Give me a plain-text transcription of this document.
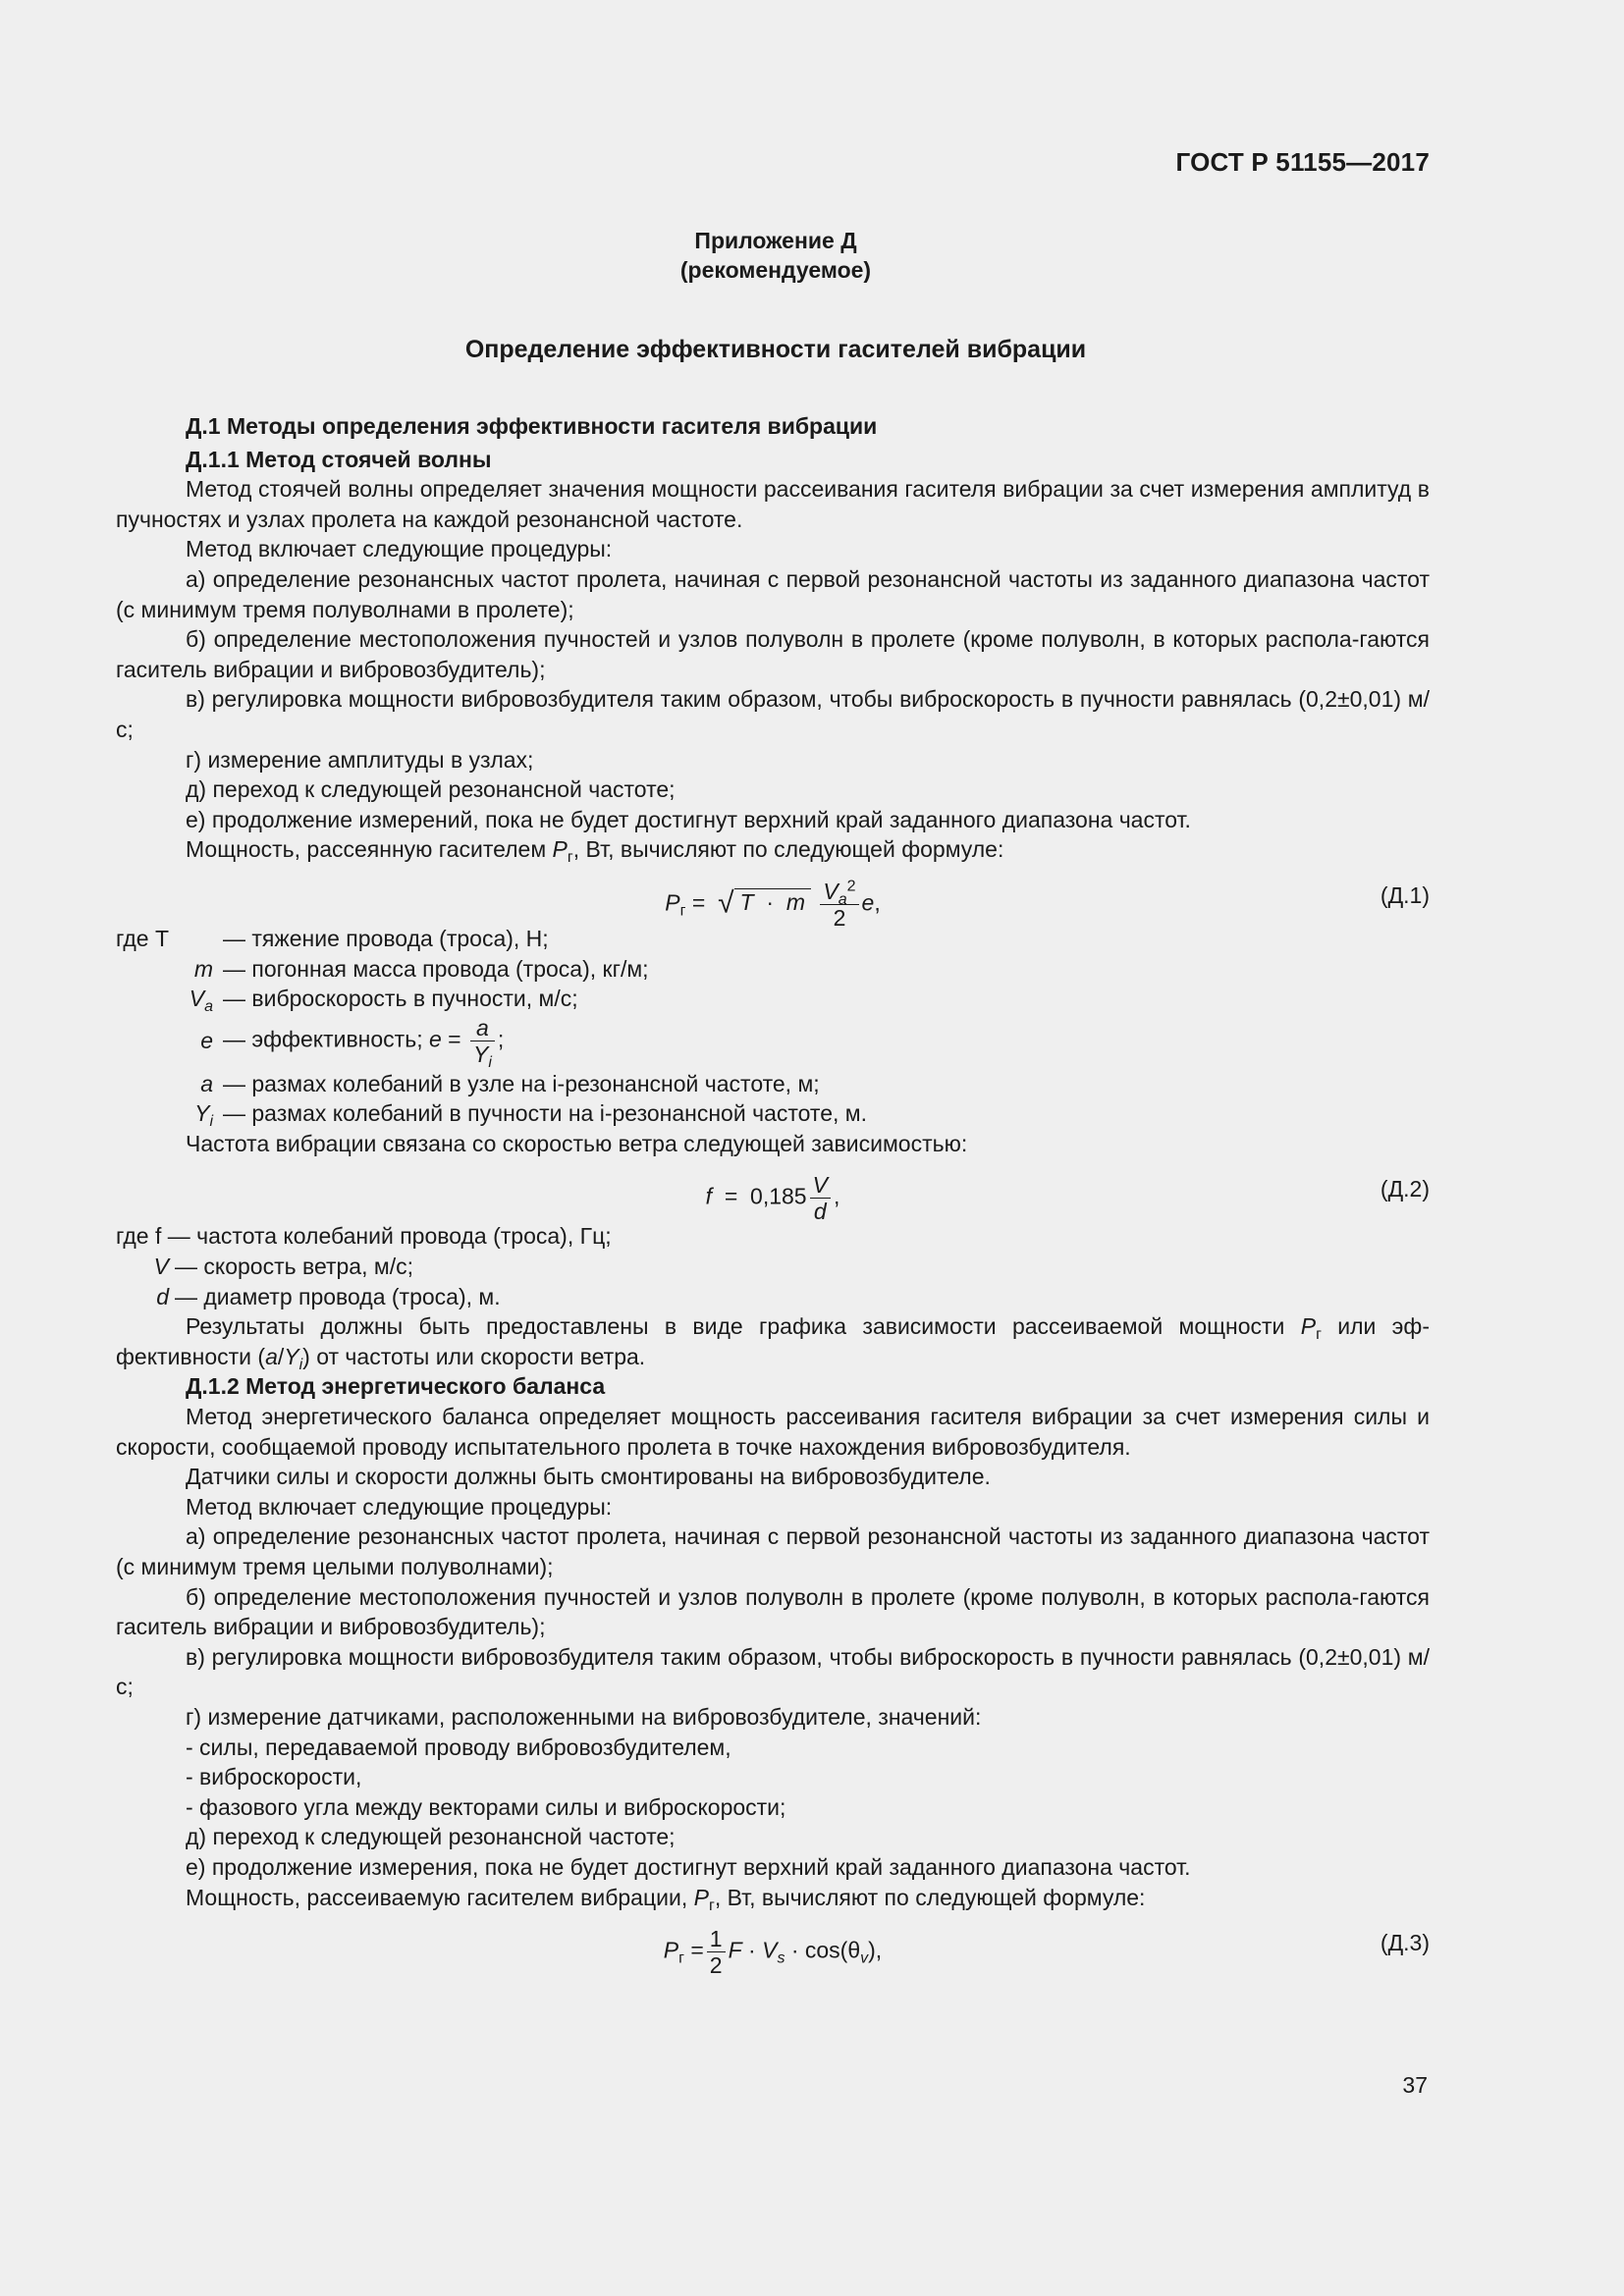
ГОСТ Р 51155—2017
Приложение Д
(рекомендуемое)
Определение эффективности гасителей вибрации

Д.1 Методы определения эффективности гасителя вибрации

Д.1.1 Метод стоячей волны

Метод стоячей волны определяет значения мощности рассеивания гасителя вибрации за счет измерения амплитуд в пучностях и узлах пролета на каждой резонансной частоте.

Метод включает следующие процедуры:

а) определение резонансных частот пролета, начиная с первой резонансной частоты из заданного диапазона частот (с минимум тремя полуволнами в пролете);

б) определение местоположения пучностей и узлов полуволн в пролете (кроме полуволн, в которых распола-гаются гаситель вибрации и вибровозбудитель);

в) регулировка мощности вибровозбудителя таким образом, чтобы виброскорость в пучности равнялась (0,2±0,01) м/с;

г) измерение амплитуды в узлах;

д) переход к следующей резонансной частоте;

е) продолжение измерений, пока не будет достигнут верхний край заданного диапазона частот.

Мощность, рассеянную гасителем $P_г$, Вт, вычисляют по следующей формуле:

$P_г$ =  √ T  ·  m $\frac{V_a^2}{2} e$,	(Д.1)
где T	— тяжение провода (троса), Н;
m — погонная масса провода (троса), кг/м;
$V_a$ — виброскорость в пучности, м/с;
e — эффективность; $e = \frac{a}{Y_i}$ ;
a — размах колебаний в узле на i-резонансной частоте, м;
$Y_i$ — размах колебаний в пучности на i-резонансной частоте, м.

Частота вибрации связана со скоростью ветра следующей зависимостью:

$f = 0,185 \frac{V}{d}$ ,	(Д.2)
где f — частота колебаний провода (троса), Гц;
V — скорость ветра, м/с;
d — диаметр провода (троса), м.

Результаты должны быть предоставлены в виде графика зависимости рассеиваемой мощности $P_г$ или эф-фективности $(a/Y_i)$ от частоты или скорости ветра.

Д.1.2 Метод энергетического баланса

Метод энергетического баланса определяет мощность рассеивания гасителя вибрации за счет измерения силы и скорости, сообщаемой проводу испытательного пролета в точке нахождения вибровозбудителя.

Датчики силы и скорости должны быть смонтированы на вибровозбудителе.

Метод включает следующие процедуры:

а) определение резонансных частот пролета, начиная с первой резонансной частоты из заданного диапазона частот (с минимум тремя целыми полуволнами);

б) определение местоположения пучностей и узлов полуволн в пролете (кроме полуволн, в которых распола-гаются гаситель вибрации и вибровозбудитель);

в) регулировка мощности вибровозбудителя таким образом, чтобы виброскорость в пучности равнялась (0,2±0,01) м/с;

г) измерение датчиками, расположенными на вибровозбудителе, значений:

- силы, передаваемой проводу вибровозбудителем,

- виброскорости,

- фазового угла между векторами силы и виброскорости;

д) переход к следующей резонансной частоте;

е) продолжение измерения, пока не будет достигнут верхний край заданного диапазона частот.

Мощность, рассеиваемую гасителем вибрации, $P_г$, Вт, вычисляют по следующей формуле:

$P_г = \frac{1}{2}$ $F \cdot V_s \cdot \cos(\theta_v)$,	(Д.3)
37
